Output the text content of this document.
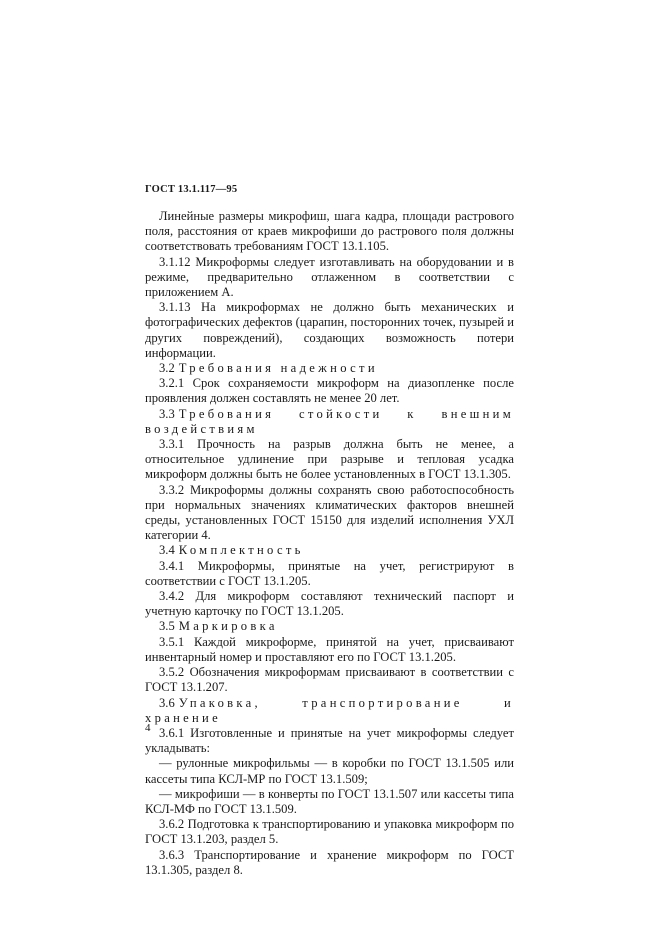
ГОСТ 13.1.117—95

Линейные размеры микрофиш, шага кадра, площади растрового поля, расстояния от краев микрофиши до растрового поля должны соответствовать требованиям ГОСТ 13.1.105.

3.1.12 Микроформы следует изготавливать на оборудовании и в режиме, предварительно отлаженном в соответствии с приложением А.

3.1.13 На микроформах не должно быть механических и фотографических дефектов (царапин, посторонних точек, пузырей и других повреждений), создающих возможность потери информации.

3.2 Требования надежности

3.2.1 Срок сохраняемости микроформ на диазопленке после проявления должен составлять не менее 20 лет.

3.3 Требования стойкости к внешним воздействиям

3.3.1 Прочность на разрыв должна быть не менее, а относительное удлинение при разрыве и тепловая усадка микроформ должны быть не более установленных в ГОСТ 13.1.305.

3.3.2 Микроформы должны сохранять свою работоспособность при нормальных значениях климатических факторов внешней среды, установленных ГОСТ 15150 для изделий исполнения УХЛ категории 4.

3.4 Комплектность

3.4.1 Микроформы, принятые на учет, регистрируют в соответствии с ГОСТ 13.1.205.

3.4.2 Для микроформ составляют технический паспорт и учетную карточку по ГОСТ 13.1.205.

3.5 Маркировка

3.5.1 Каждой микроформе, принятой на учет, присваивают инвентарный номер и проставляют его по ГОСТ 13.1.205.

3.5.2 Обозначения микроформам присваивают в соответствии с ГОСТ 13.1.207.

3.6 Упаковка, транспортирование и хранение

3.6.1 Изготовленные и принятые на учет микроформы следует укладывать:

— рулонные микрофильмы — в коробки по ГОСТ 13.1.505 или кассеты типа КСЛ-МР по ГОСТ 13.1.509;

— микрофиши — в конверты по ГОСТ 13.1.507 или кассеты типа КСЛ-МФ по ГОСТ 13.1.509.

3.6.2 Подготовка к транспортированию и упаковка микроформ по ГОСТ 13.1.203, раздел 5.

3.6.3 Транспортирование и хранение микроформ по ГОСТ 13.1.305, раздел 8.

4
